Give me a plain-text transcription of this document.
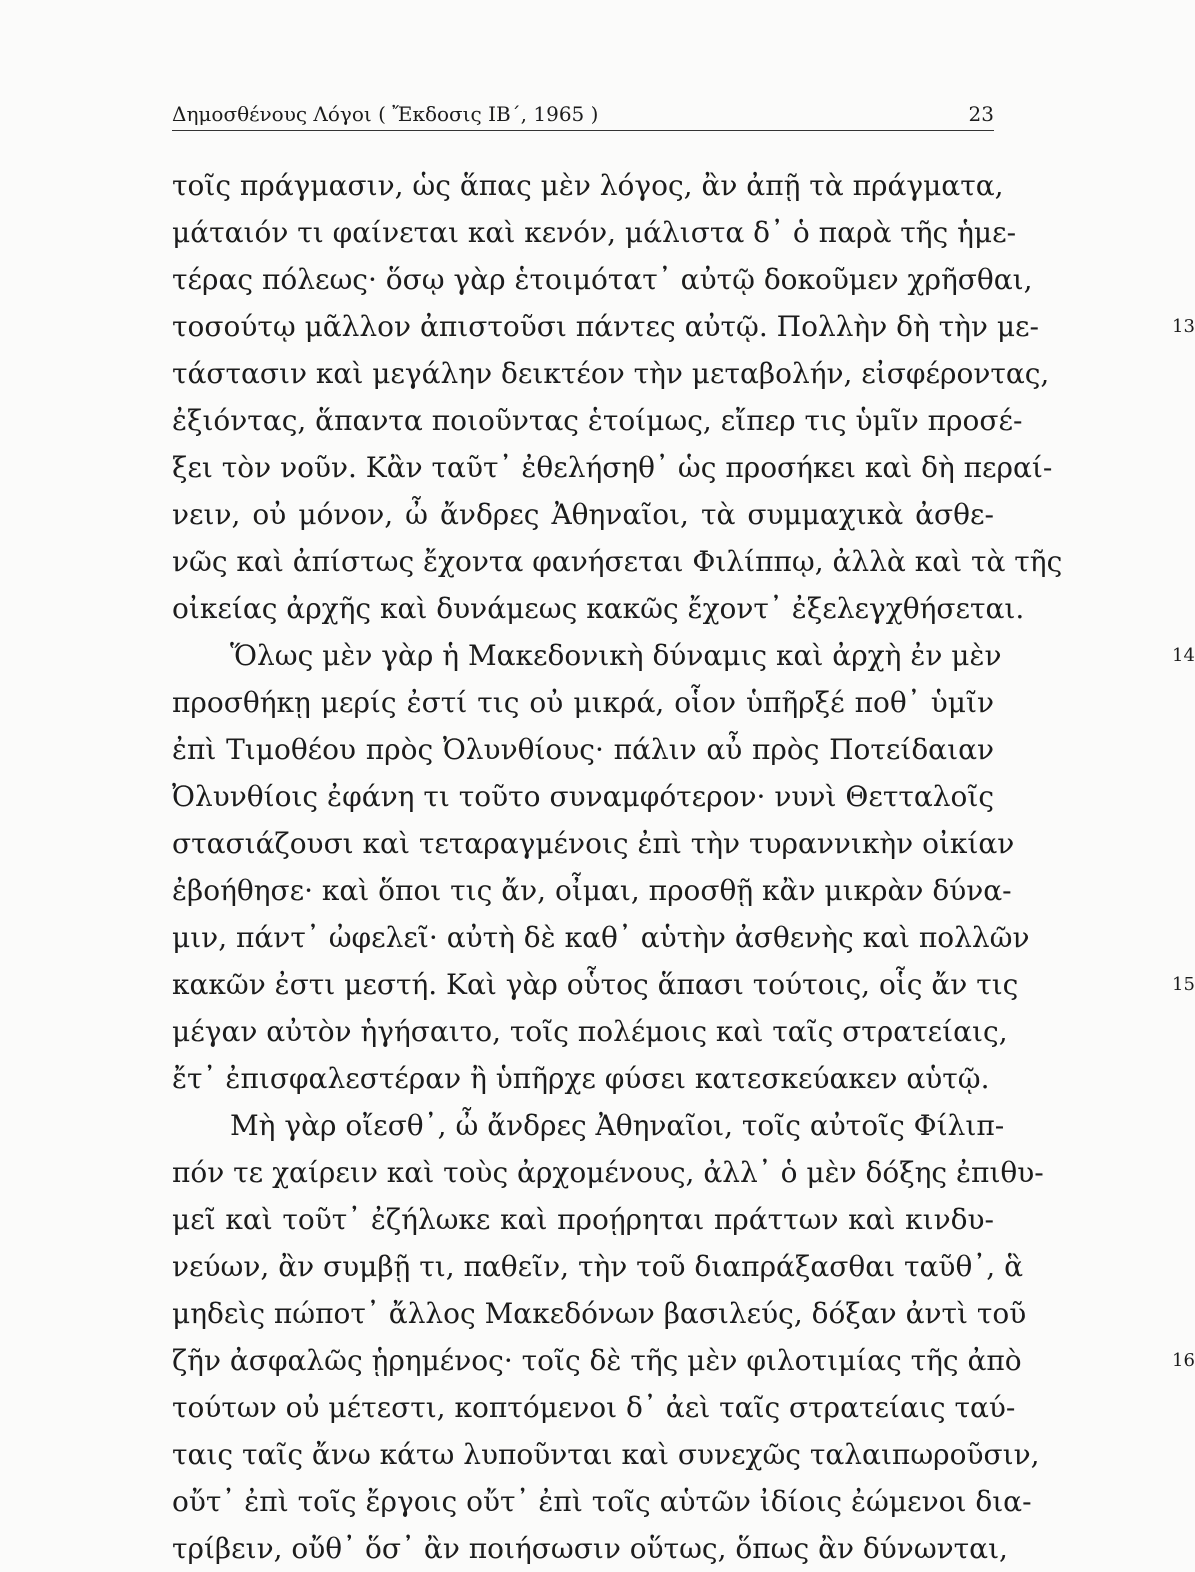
Δημοσθένους Λόγοι ( Ἔκδοσις ΙΒ΄, 1965 )	23
τοῖς πράγμασιν, ὡς ἅπας μὲν λόγος, ἂν ἀπῇ τὰ πράγματα,
μάταιόν τι φαίνεται καὶ κενόν, μάλιστα δ᾽ ὁ παρὰ τῆς ἡμε-
τέρας πόλεως· ὅσῳ γὰρ ἑτοιμότατ᾽ αὐτῷ δοκοῦμεν χρῆσθαι,
τοσούτῳ μᾶλλον ἀπιστοῦσι πάντες αὐτῷ. Πολλὴν δὴ τὴν με-	13
τάστασιν καὶ μεγάλην δεικτέον τὴν μεταβολήν, εἰσφέροντας,
ἐξιόντας, ἅπαντα ποιοῦντας ἑτοίμως, εἴπερ τις ὑμῖν προσέ-
ξει τὸν νοῦν. Κἂν ταῦτ᾽ ἐθελήσηθ᾽ ὡς προσήκει καὶ δὴ περαί-
νειν, οὐ μόνον, ὦ ἄνδρες Ἀθηναῖοι, τὰ συμμαχικὰ ἀσθε-
νῶς καὶ ἀπίστως ἔχοντα φανήσεται Φιλίππῳ, ἀλλὰ καὶ τὰ τῆς
οἰκείας ἀρχῆς καὶ δυνάμεως κακῶς ἔχοντ᾽ ἐξελεγχθήσεται.
Ὅλως μὲν γὰρ ἡ Μακεδονικὴ δύναμις καὶ ἀρχὴ ἐν μὲν	14
προσθήκῃ μερίς ἐστί τις οὐ μικρά, οἷον ὑπῆρξέ ποθ᾽ ὑμῖν
ἐπὶ Τιμοθέου πρὸς Ὀλυνθίους· πάλιν αὖ πρὸς Ποτείδαιαν
Ὀλυνθίοις ἐφάνη τι τοῦτο συναμφότερον· νυνὶ Θετταλοῖς
στασιάζουσι καὶ τεταραγμένοις ἐπὶ τὴν τυραννικὴν οἰκίαν
ἐβοήθησε· καὶ ὅποι τις ἄν, οἶμαι, προσθῇ κἂν μικρὰν δύνα-
μιν, πάντ᾽ ὠφελεῖ· αὐτὴ δὲ καθ᾽ αὑτὴν ἀσθενὴς καὶ πολλῶν
κακῶν ἐστι μεστή. Καὶ γὰρ οὗτος ἅπασι τούτοις, οἷς ἄν τις	15
μέγαν αὐτὸν ἡγήσαιτο, τοῖς πολέμοις καὶ ταῖς στρατείαις,
ἔτ᾽ ἐπισφαλεστέραν ἢ ὑπῆρχε φύσει κατεσκεύακεν αὑτῷ.
Μὴ γὰρ οἴεσθ᾽, ὦ ἄνδρες Ἀθηναῖοι, τοῖς αὐτοῖς Φίλιπ-
πόν τε χαίρειν καὶ τοὺς ἀρχομένους, ἀλλ᾽ ὁ μὲν δόξης ἐπιθυ-
μεῖ καὶ τοῦτ᾽ ἐζήλωκε καὶ προῄρηται πράττων καὶ κινδυ-
νεύων, ἂν συμβῇ τι, παθεῖν, τὴν τοῦ διαπράξασθαι ταῦθ᾽, ἃ
μηδεὶς πώποτ᾽ ἄλλος Μακεδόνων βασιλεύς, δόξαν ἀντὶ τοῦ
ζῆν ἀσφαλῶς ᾑρημένος· τοῖς δὲ τῆς μὲν φιλοτιμίας τῆς ἀπὸ	16
τούτων οὐ μέτεστι, κοπτόμενοι δ᾽ ἀεὶ ταῖς στρατείαις ταύ-
ταις ταῖς ἄνω κάτω λυποῦνται καὶ συνεχῶς ταλαιπωροῦσιν,
οὔτ᾽ ἐπὶ τοῖς ἔργοις οὔτ᾽ ἐπὶ τοῖς αὑτῶν ἰδίοις ἐώμενοι δια-
τρίβειν, οὔθ᾽ ὅσ᾽ ἂν ποιήσωσιν οὕτως, ὅπως ἂν δύνωνται,
